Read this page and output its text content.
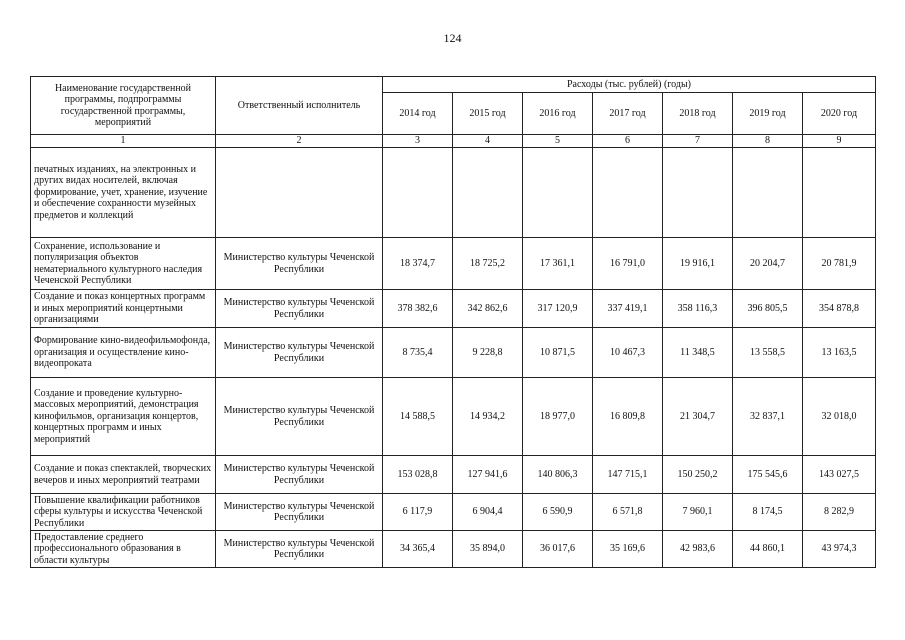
124
Наименование государственной программы, подпрограммы государственной программы, мероприятий	Ответственный исполнитель	Расходы (тыс. рублей) (годы)						
		2014 год	2015 год	2016 год	2017 год	2018 год	2019 год	2020 год
1	2	3	4	5	6	7	8	9
печатных изданиях, на электронных и других видах носителей, включая формирование, учет, хранение, изучение и обеспечение сохранности музейных предметов и коллекций								
Сохранение, использование и популяризация объектов нематериального культурного наследия Чеченской Республики	Министерство культуры Чеченской Республики	18 374,7	18 725,2	17 361,1	16 791,0	19 916,1	20 204,7	20 781,9
Создание и показ концертных программ и иных мероприятий концертными организациями	Министерство культуры Чеченской Республики	378 382,6	342 862,6	317 120,9	337 419,1	358 116,3	396 805,5	354 878,8
Формирование кино-видеофильмофонда, организация и осуществление кино-видеопроката	Министерство культуры Чеченской Республики	8 735,4	9 228,8	10 871,5	10 467,3	11 348,5	13 558,5	13 163,5
Создание и проведение культурно-массовых мероприятий, демонстрация кинофильмов, организация концертов, концертных программ и иных мероприятий	Министерство культуры Чеченской Республики	14 588,5	14 934,2	18 977,0	16 809,8	21 304,7	32 837,1	32 018,0
Создание и показ спектаклей, творческих вечеров и иных мероприятий театрами	Министерство культуры Чеченской Республики	153 028,8	127 941,6	140 806,3	147 715,1	150 250,2	175 545,6	143 027,5
Повышение квалификации работников сферы культуры и искусства Чеченской Республики	Министерство культуры Чеченской Республики	6 117,9	6 904,4	6 590,9	6 571,8	7 960,1	8 174,5	8 282,9
Предоставление среднего профессионального образования в области культуры	Министерство культуры Чеченской Республики	34 365,4	35 894,0	36 017,6	35 169,6	42 983,6	44 860,1	43 974,3
